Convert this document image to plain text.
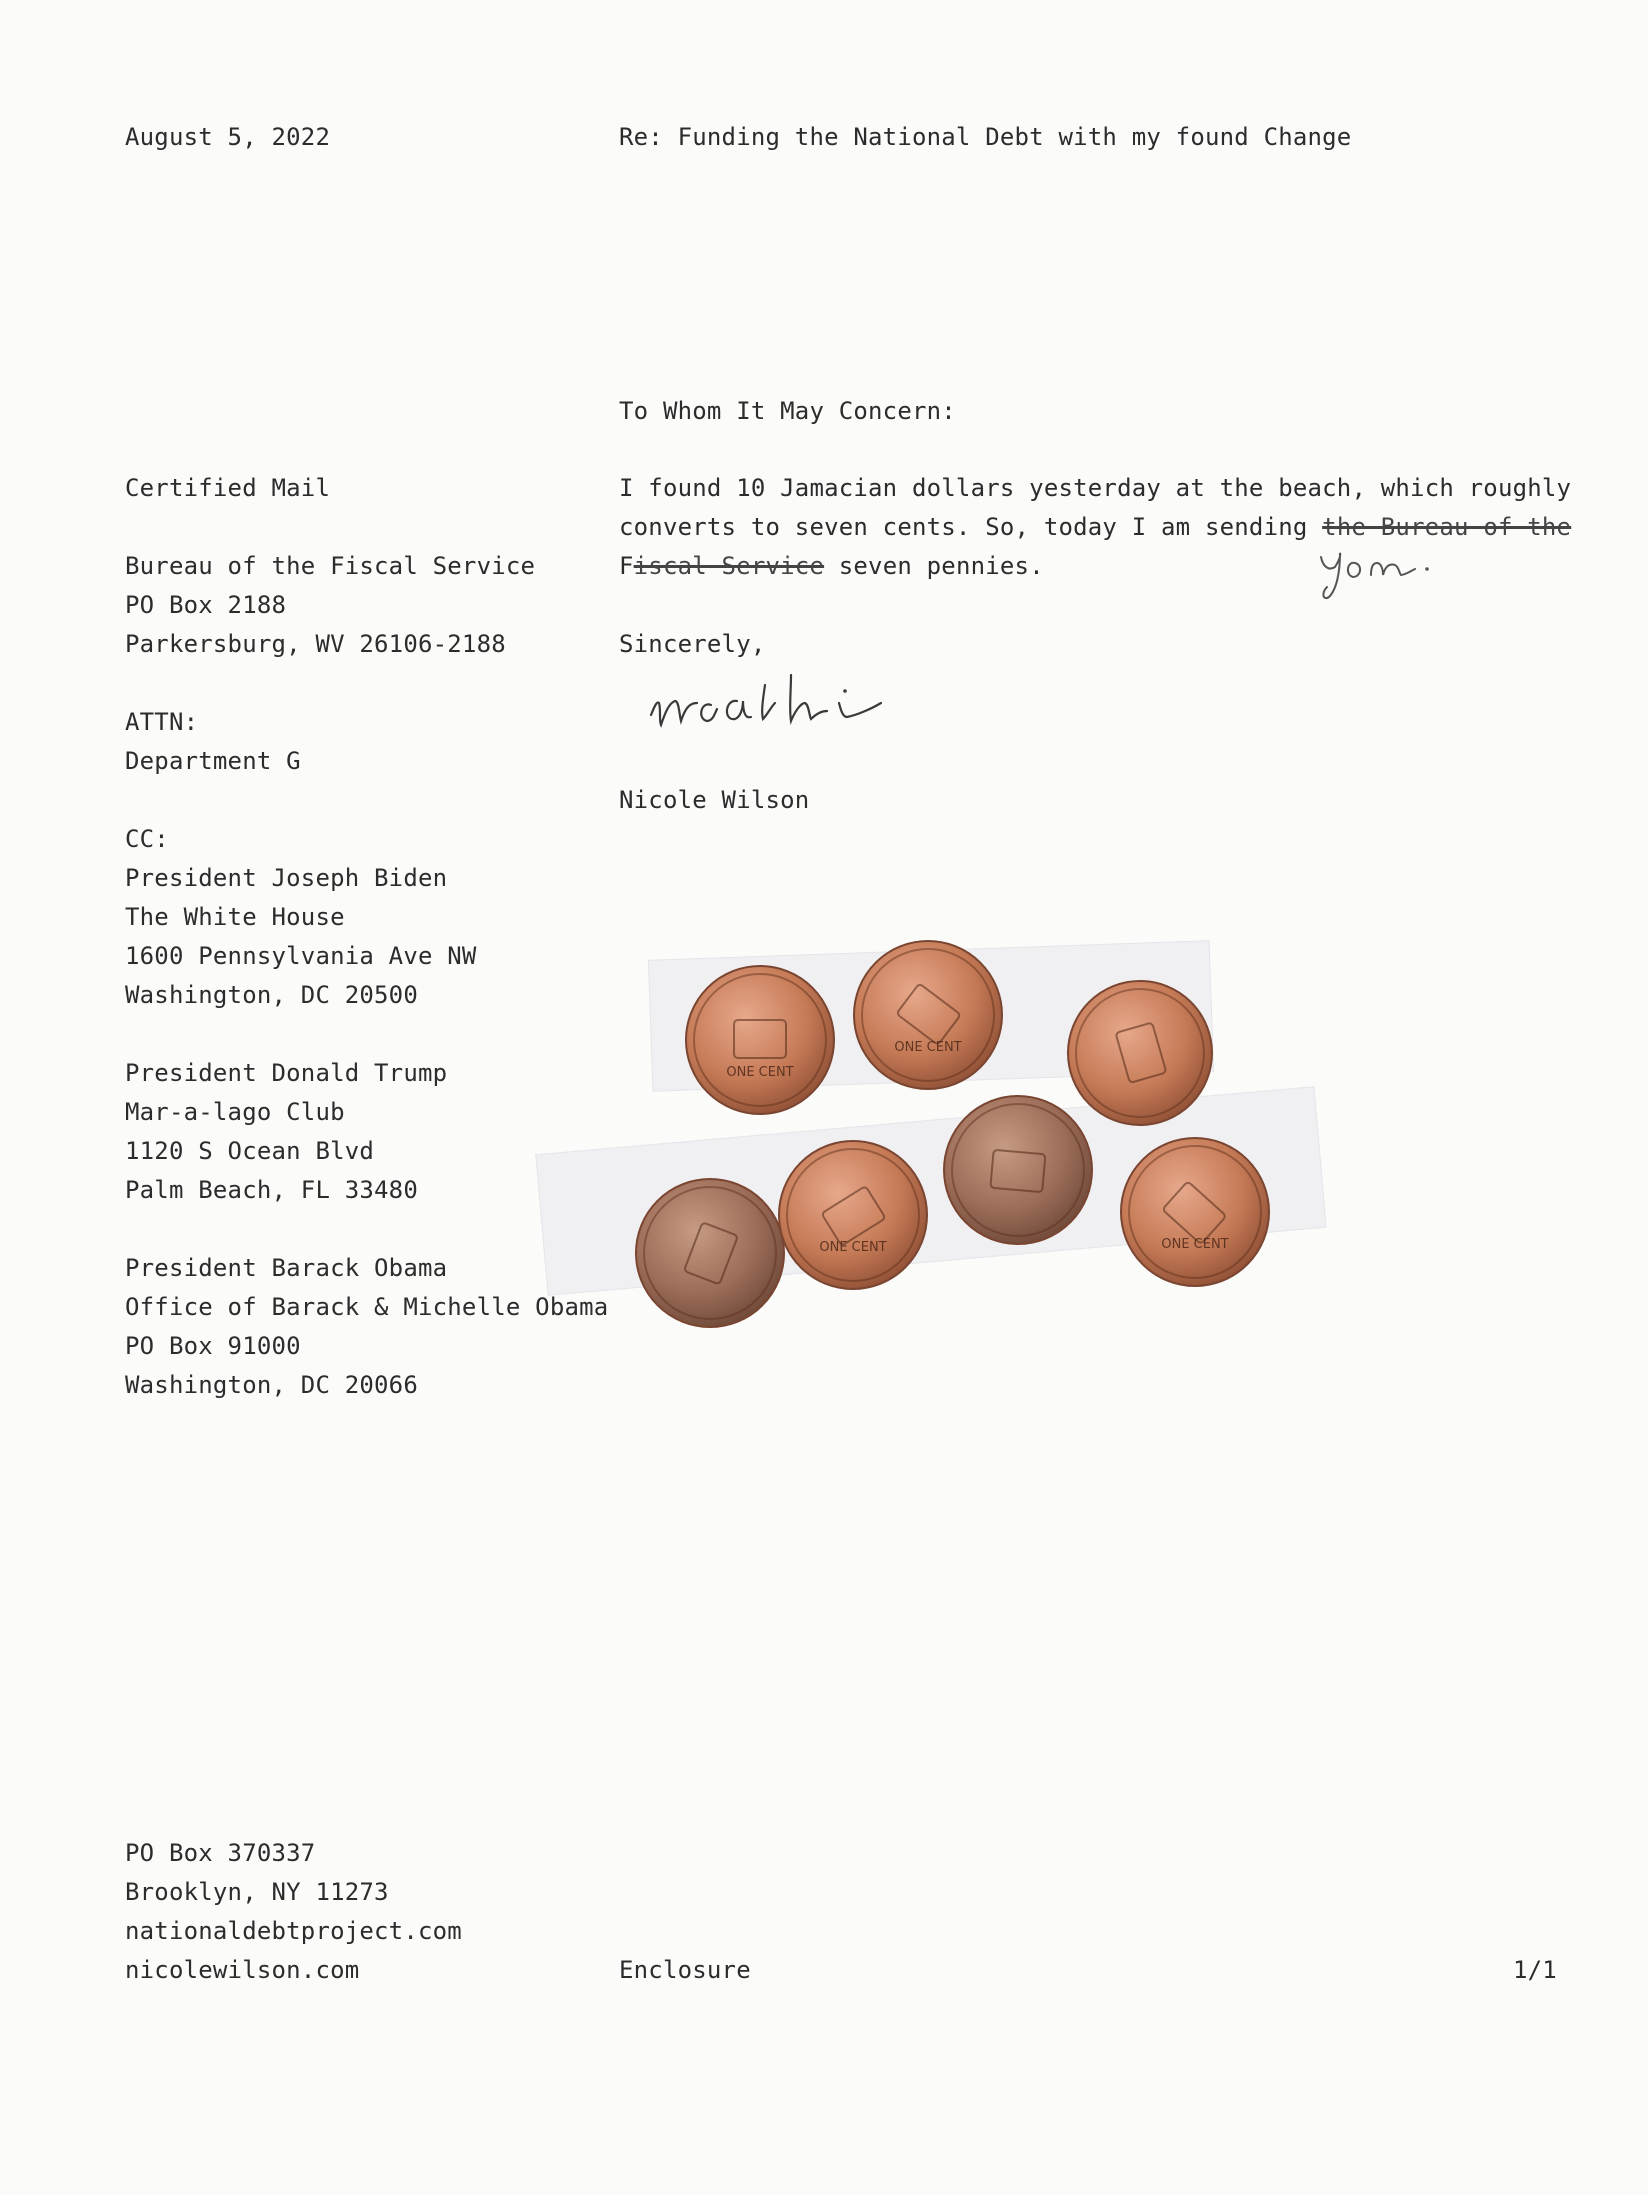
August 5, 2022	Re: Funding the National Debt with my found Change
To Whom It May Concern:
I found 10 Jamacian dollars yesterday at the beach, which roughly
converts to seven cents. So, today I am sending the Bureau of the
Fiscal Service seven pennies.
Sincerely,
Nicole Wilson
Certified Mail
Bureau of the Fiscal Service
PO Box 2188
Parkersburg, WV 26106-2188
ATTN:
Department G
CC:
President Joseph Biden
The White House
1600 Pennsylvania Ave NW
Washington, DC 20500
President Donald Trump
Mar-a-lago Club
1120 S Ocean Blvd
Palm Beach, FL 33480
President Barack Obama
Office of Barack & Michelle Obama
PO Box 91000
Washington, DC 20066
ONE CENT
ONE CENT
ONE CENT	ONE CENT
PO Box 370337
Brooklyn, NY 11273
nationaldebtproject.com
nicolewilson.com	Enclosure	1/1
